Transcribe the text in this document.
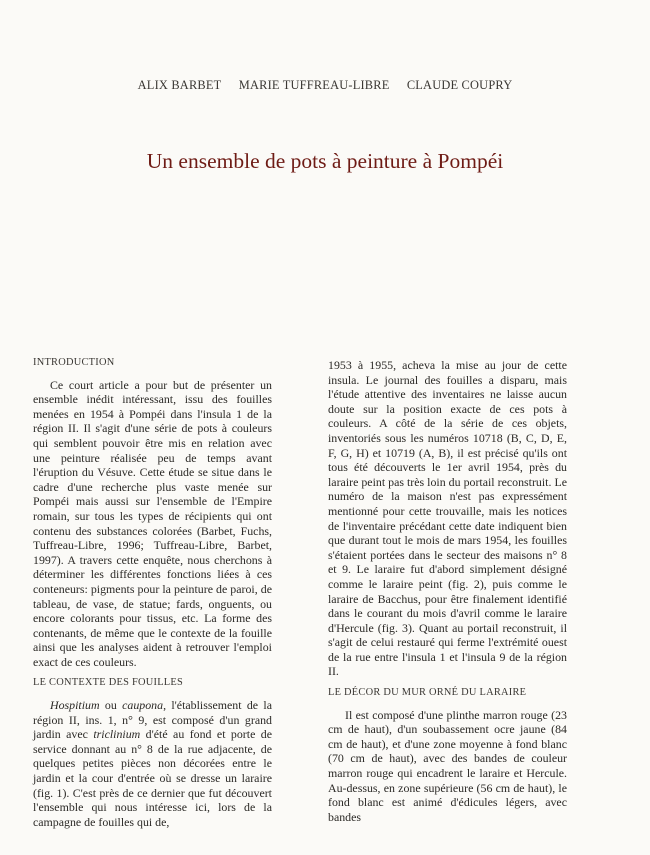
ALIX BARBET MARIE TUFFREAU-LIBRE CLAUDE COUPRY
Un ensemble de pots à peinture à Pompéi
INTRODUCTION

Ce court article a pour but de présenter un ensemble inédit intéressant, issu des fouilles menées en 1954 à Pompéi dans l'insula 1 de la région II. Il s'agit d'une série de pots à couleurs qui semblent pouvoir être mis en relation avec une peinture réalisée peu de temps avant l'éruption du Vésuve. Cette étude se situe dans le cadre d'une recherche plus vaste menée sur Pompéi mais aussi sur l'ensemble de l'Empire romain, sur tous les types de récipients qui ont contenu des substances colorées (Barbet, Fuchs, Tuffreau-Libre, 1996; Tuffreau-Libre, Barbet, 1997). A travers cette enquête, nous cherchons à déterminer les différentes fonctions liées à ces conteneurs: pigments pour la peinture de paroi, de tableau, de vase, de statue; fards, onguents, ou encore colorants pour tissus, etc. La forme des contenants, de même que le contexte de la fouille ainsi que les analyses aident à retrouver l'emploi exact de ces couleurs.

LE CONTEXTE DES FOUILLES

Hospitium ou caupona, l'établissement de la région II, ins. 1, n° 9, est composé d'un grand jardin avec triclinium d'été au fond et porte de service donnant au n° 8 de la rue adjacente, de quelques petites pièces non décorées entre le jardin et la cour d'entrée où se dresse un laraire (fig. 1). C'est près de ce dernier que fut découvert l'ensemble qui nous intéresse ici, lors de la campagne de fouilles qui de,

1953 à 1955, acheva la mise au jour de cette insula. Le journal des fouilles a disparu, mais l'étude attentive des inventaires ne laisse aucun doute sur la position exacte de ces pots à couleurs. A côté de la série de ces objets, inventoriés sous les numéros 10718 (B, C, D, E, F, G, H) et 10719 (A, B), il est précisé qu'ils ont tous été découverts le 1er avril 1954, près du laraire peint pas très loin du portail reconstruit. Le numéro de la maison n'est pas expressément mentionné pour cette trouvaille, mais les notices de l'inventaire précédant cette date indiquent bien que durant tout le mois de mars 1954, les fouilles s'étaient portées dans le secteur des maisons n° 8 et 9. Le laraire fut d'abord simplement désigné comme le laraire peint (fig. 2), puis comme le laraire de Bacchus, pour être finalement identifié dans le courant du mois d'avril comme le laraire d'Hercule (fig. 3). Quant au portail reconstruit, il s'agit de celui restauré qui ferme l'extrémité ouest de la rue entre l'insula 1 et l'insula 9 de la région II.

LE DÉCOR DU MUR ORNÉ DU LARAIRE

Il est composé d'une plinthe marron rouge (23 cm de haut), d'un soubassement ocre jaune (84 cm de haut), et d'une zone moyenne à fond blanc (70 cm de haut), avec des bandes de couleur marron rouge qui encadrent le laraire et Hercule. Au-dessus, en zone supérieure (56 cm de haut), le fond blanc est animé d'édicules légers, avec bandes
